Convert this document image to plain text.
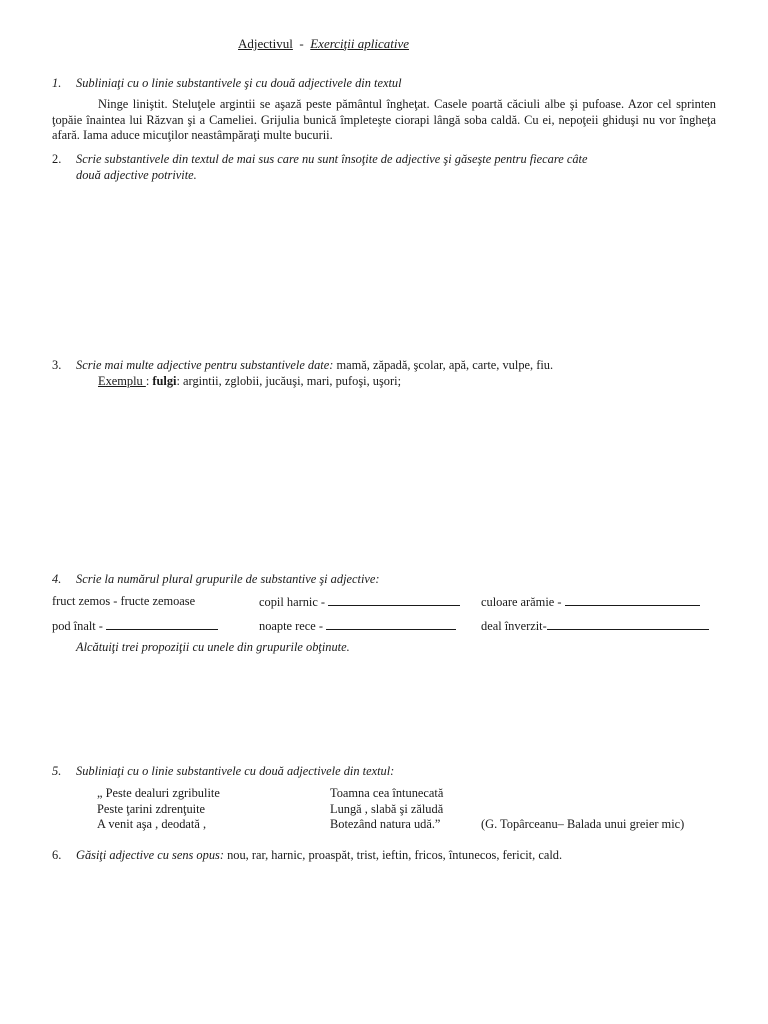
Adjectivul - Exerciţii aplicative
1. Subliniaţi cu o linie substantivele şi cu două adjectivele din textul
Ninge liniştit. Steluţele argintii se aşază peste pământul îngheţat. Casele poartă căciuli albe şi pufoase. Azor cel sprinten ţopăie înaintea lui Răzvan şi a Cameliei. Grijulia bunică împleteşte ciorapi lângă soba caldă. Cu ei, nepoţeii ghiduşi nu vor îngheţa afară. Iama aduce micuţilor neastâmpăraţi multe bucurii.
2. Scrie substantivele din textul de mai sus care nu sunt însoţite de adjective şi găseşte pentru fiecare câte
două adjective potrivite.
3. Scrie mai multe adjective pentru substantivele date: mamă, zăpadă, şcolar, apă, carte, vulpe, fiu.
Exemplu : fulgi: argintii, zglobii, jucăuşi, mari, pufoşi, uşori;
4. Scrie la numărul plural grupurile de substantive şi adjective:
fruct zemos - fructe zemoase	copil harnic -	culoare arămie -
pod înalt -	noapte rece -	deal înverzit-
Alcătuiţi trei propoziţii cu unele din grupurile obţinute.
5. Subliniaţi cu o linie substantivele cu două adjectivele din textul:
„ Peste dealuri zgribulite
Peste ţarini zdrenţuite
A venit aşa , deodată ,
Toamna cea întunecată
Lungă , slabă şi zăludă
Botezând natura udă.”	(G. Topârceanu– Balada unui greier mic)
6. Găsiţi adjective cu sens opus: nou, rar, harnic, proaspăt, trist, ieftin, fricos, întunecos, fericit, cald.
